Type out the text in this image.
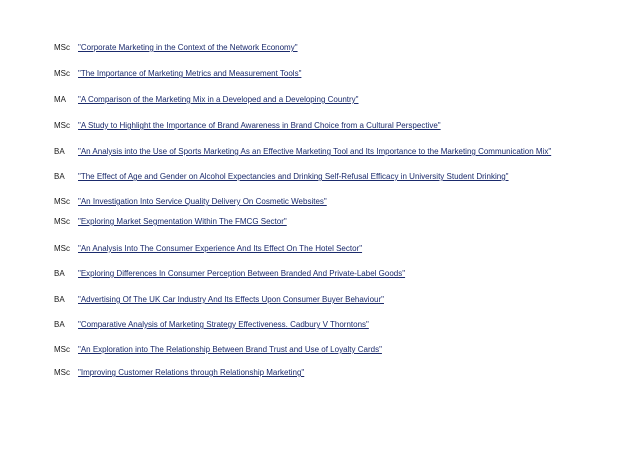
MSc "Corporate Marketing in the Context of the Network Economy"
MSc "The Importance of Marketing Metrics and Measurement Tools"
MA "A Comparison of the Marketing Mix in a Developed and a Developing Country"
MSc "A Study to Highlight the Importance of Brand Awareness in Brand Choice from a Cultural Perspective"
BA "An Analysis into the Use of Sports Marketing As an Effective Marketing Tool and Its Importance to the Marketing Communication Mix"
BA "The Effect of Age and Gender on Alcohol Expectancies and Drinking Self-Refusal Efficacy in University Student Drinking"
MSc "An Investigation Into Service Quality Delivery On Cosmetic Websites"
MSc "Exploring Market Segmentation Within The FMCG Sector"
MSc "An Analysis Into The Consumer Experience And Its Effect On The Hotel Sector"
BA "Exploring Differences In Consumer Perception Between Branded And Private-Label Goods"
BA "Advertising Of The UK Car Industry And Its Effects Upon Consumer Buyer Behaviour"
BA "Comparative Analysis of Marketing Strategy Effectiveness. Cadbury V Thorntons"
MSc "An Exploration into The Relationship Between Brand Trust and Use of Loyalty Cards"
MSc "Improving Customer Relations through Relationship Marketing"
